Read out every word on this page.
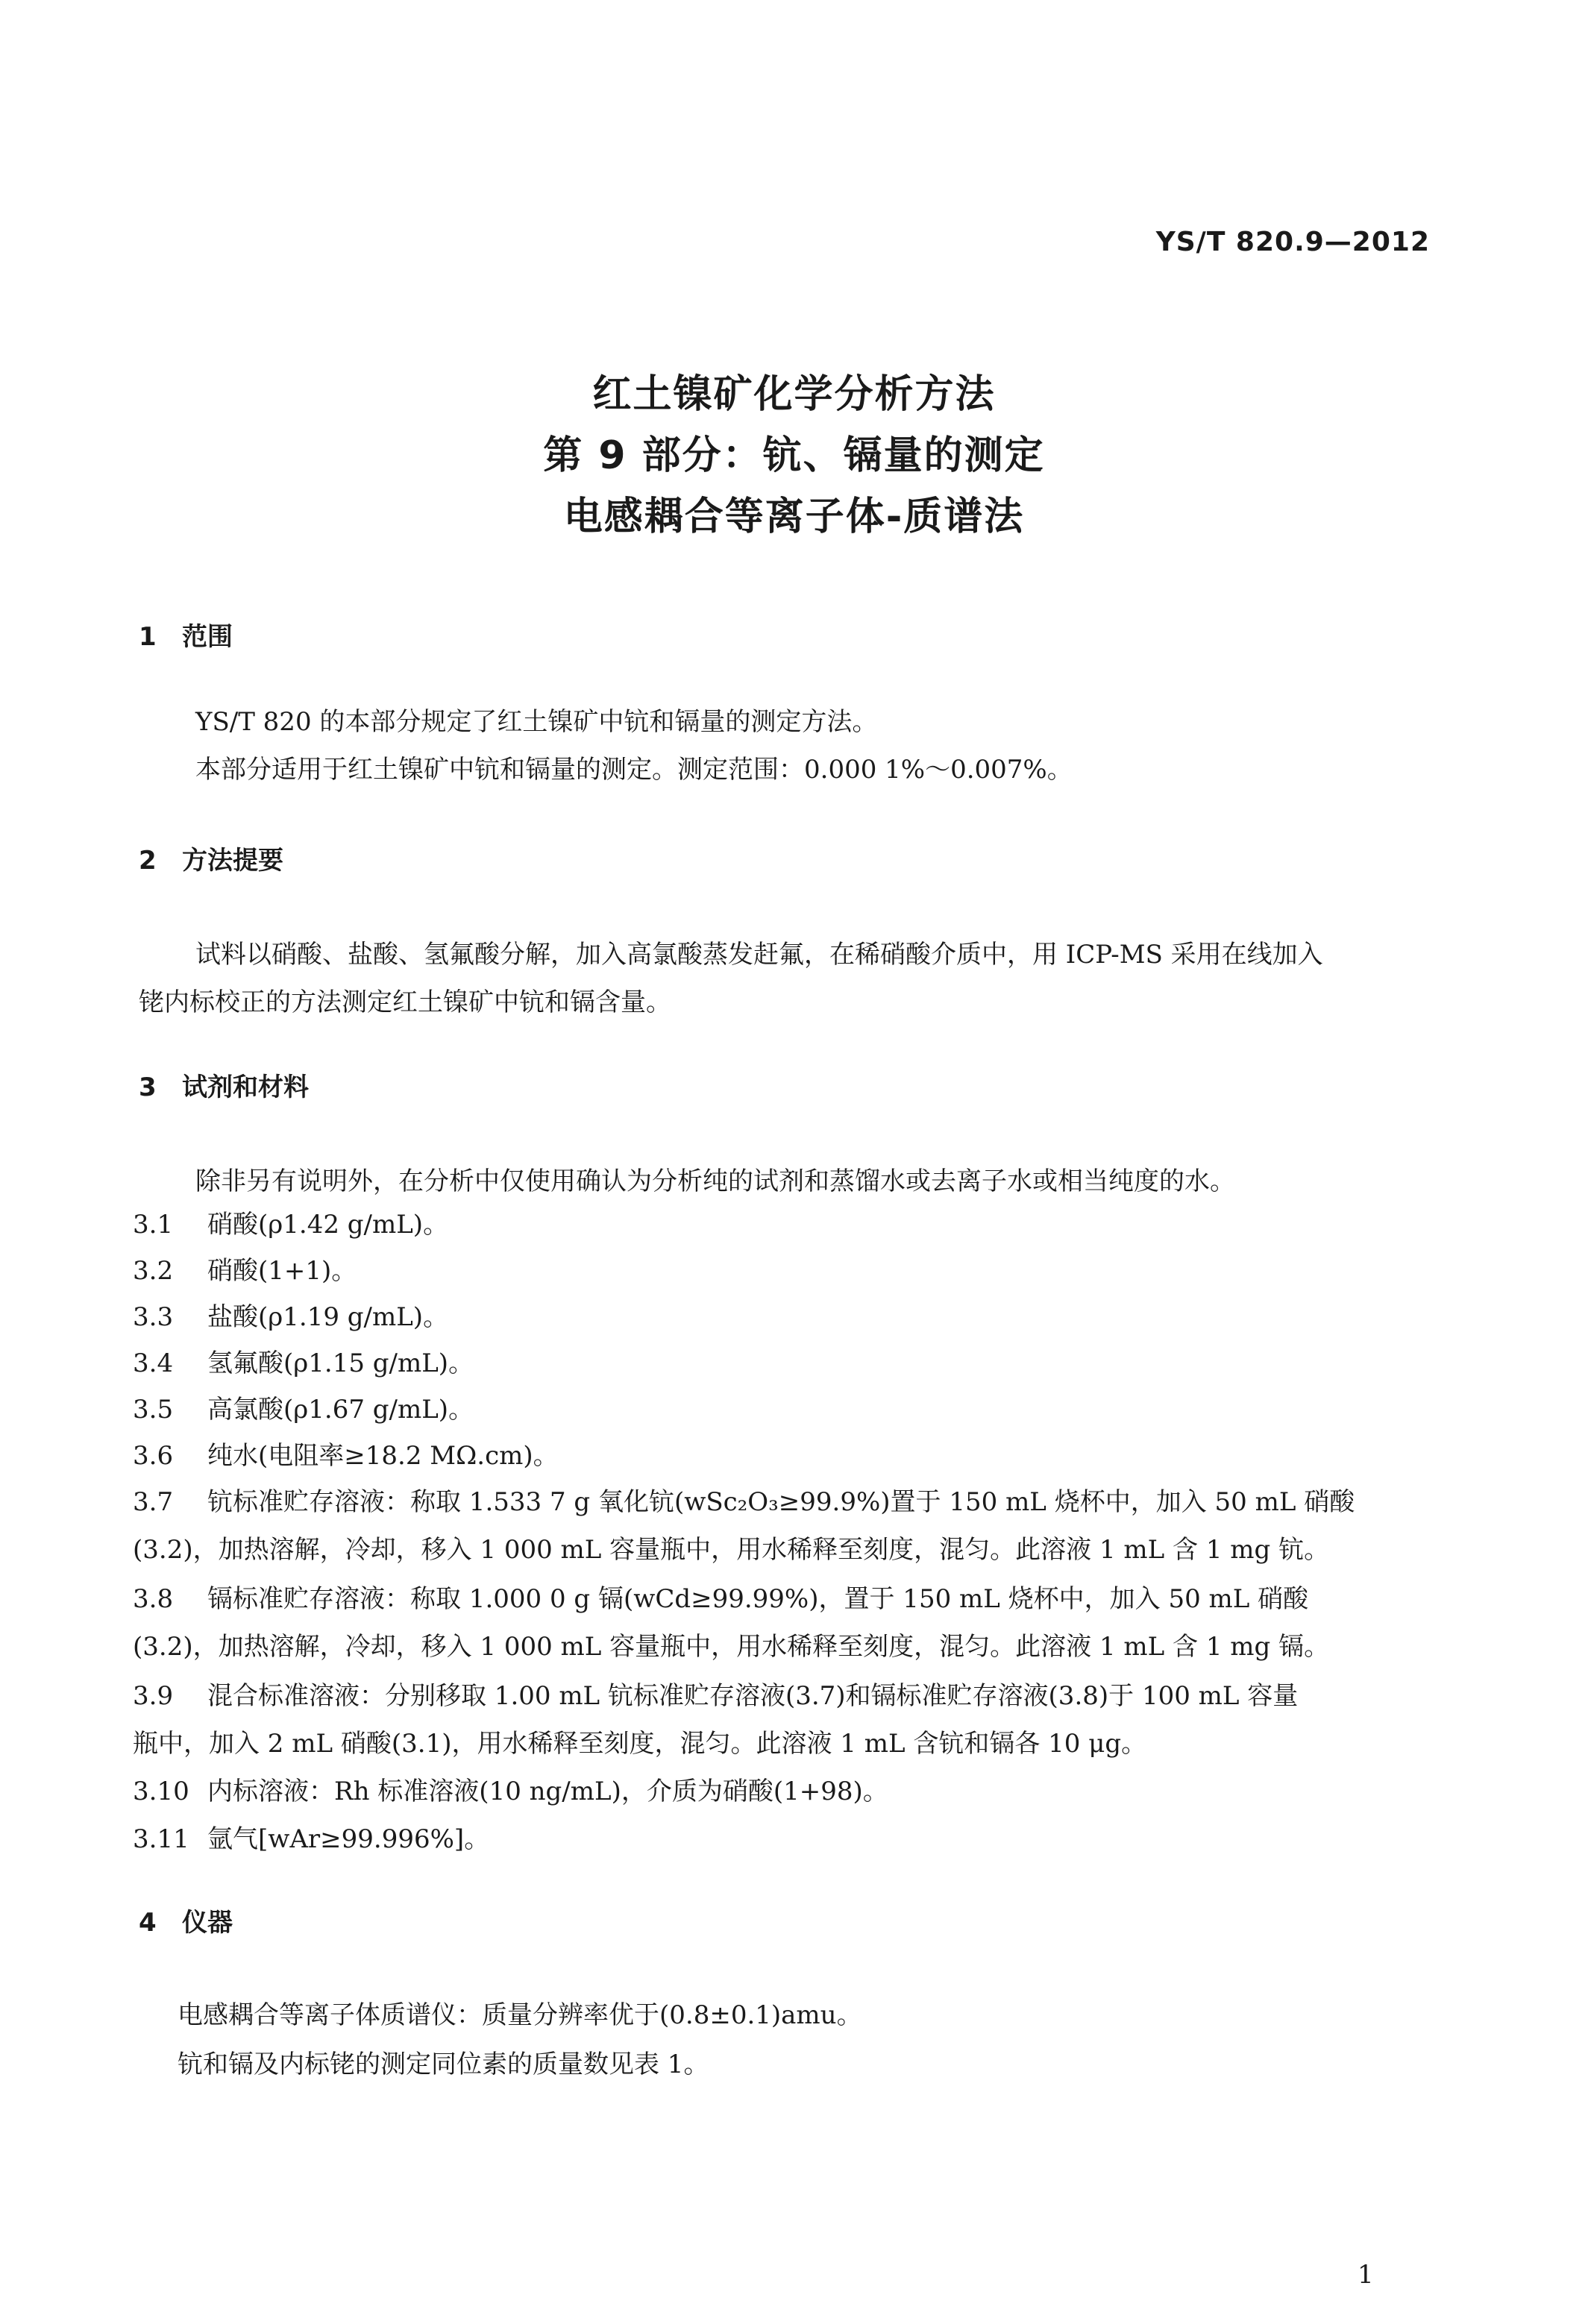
YS/T 820.9—2012
红土镍矿化学分析方法
第 9 部分：钪、镉量的测定
电感耦合等离子体-质谱法
1 范围
YS/T 820 的本部分规定了红土镍矿中钪和镉量的测定方法。
本部分适用于红土镍矿中钪和镉量的测定。测定范围：0.000 1%～0.007%。
2 方法提要
试料以硝酸、盐酸、氢氟酸分解，加入高氯酸蒸发赶氟，在稀硝酸介质中，用 ICP-MS 采用在线加入
铑内标校正的方法测定红土镍矿中钪和镉含量。
3 试剂和材料
除非另有说明外，在分析中仅使用确认为分析纯的试剂和蒸馏水或去离子水或相当纯度的水。
3.1 硝酸(ρ1.42 g/mL)。
3.2 硝酸(1+1)。
3.3 盐酸(ρ1.19 g/mL)。
3.4 氢氟酸(ρ1.15 g/mL)。
3.5 高氯酸(ρ1.67 g/mL)。
3.6 纯水(电阻率≥18.2 MΩ.cm)。
3.7 钪标准贮存溶液：称取 1.533 7 g 氧化钪(wSc₂O₃≥99.9%)置于 150 mL 烧杯中，加入 50 mL 硝酸
(3.2)，加热溶解，冷却，移入 1 000 mL 容量瓶中，用水稀释至刻度，混匀。此溶液 1 mL 含 1 mg 钪。
3.8 镉标准贮存溶液：称取 1.000 0 g 镉(wCd≥99.99%)，置于 150 mL 烧杯中，加入 50 mL 硝酸
(3.2)，加热溶解，冷却，移入 1 000 mL 容量瓶中，用水稀释至刻度，混匀。此溶液 1 mL 含 1 mg 镉。
3.9 混合标准溶液：分别移取 1.00 mL 钪标准贮存溶液(3.7)和镉标准贮存溶液(3.8)于 100 mL 容量
瓶中，加入 2 mL 硝酸(3.1)，用水稀释至刻度，混匀。此溶液 1 mL 含钪和镉各 10 μg。
3.10 内标溶液：Rh 标准溶液(10 ng/mL)，介质为硝酸(1+98)。
3.11 氩气[wAr≥99.996%]。
4 仪器
电感耦合等离子体质谱仪：质量分辨率优于(0.8±0.1)amu。
钪和镉及内标铑的测定同位素的质量数见表 1。
1
